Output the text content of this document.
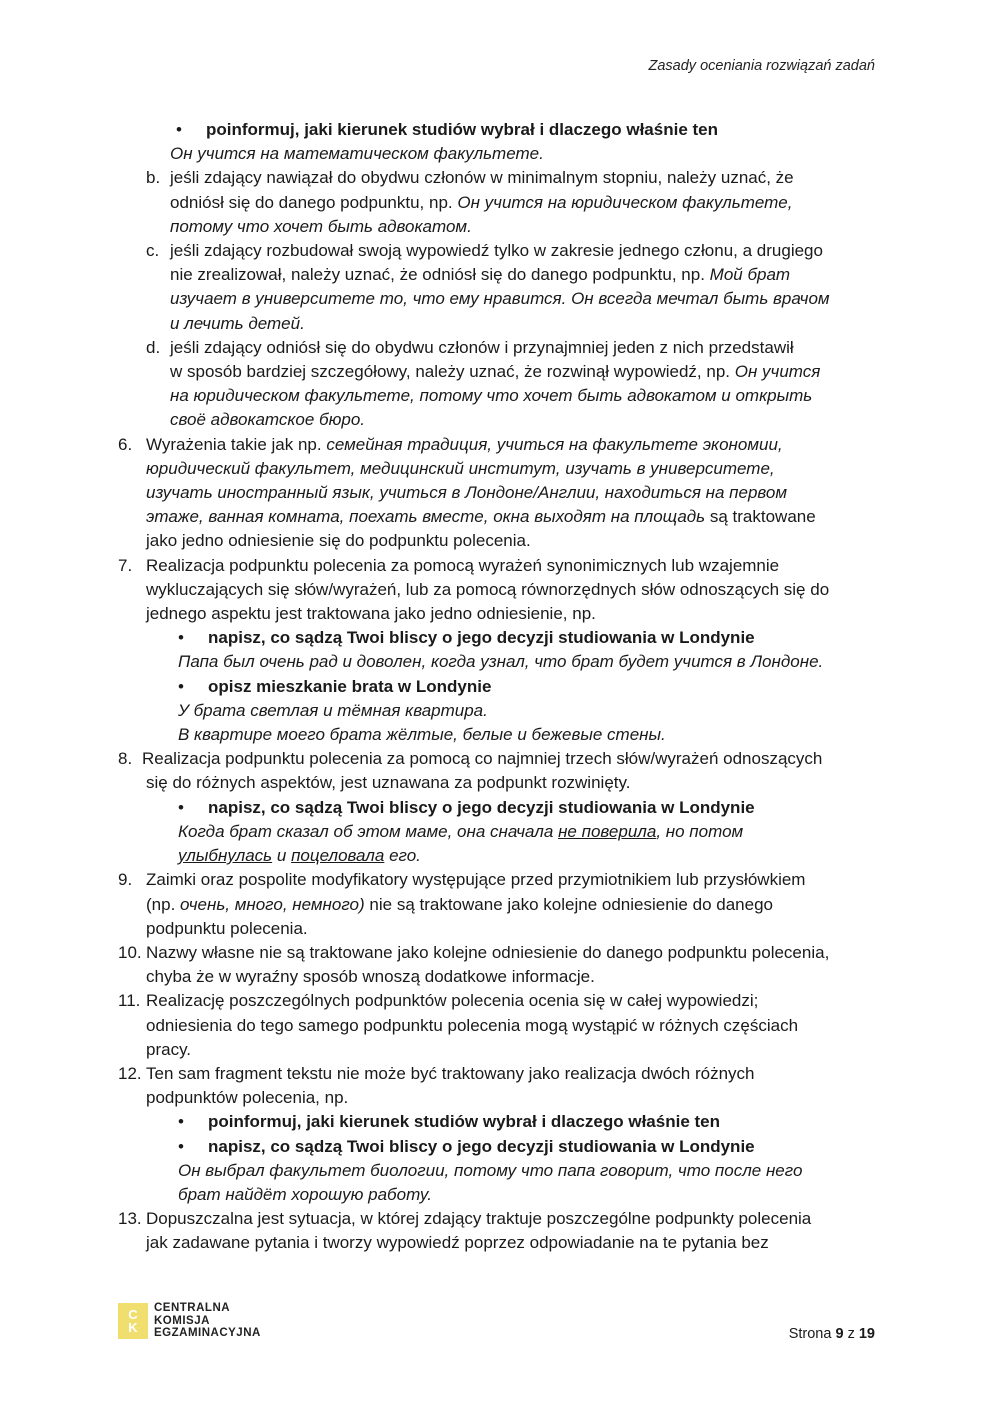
Zasady oceniania rozwiązań zadań
• poinformuj, jaki kierunek studiów wybrał i dlaczego właśnie ten
Он учится на математическом факультете.
b. jeśli zdający nawiązał do obydwu członów w minimalnym stopniu, należy uznać, że
odniósł się do danego podpunktu, np. Он учится на юридическом факультете,
потому что хочет быть адвокатом.
c. jeśli zdający rozbudował swoją wypowiedź tylko w zakresie jednego członu, a drugiego
nie zrealizował, należy uznać, że odniósł się do danego podpunktu, np. Мой брат
изучает в университете то, что ему нравится. Он всегда мечтал быть врачом
и лечить детей.
d. jeśli zdający odniósł się do obydwu członów i przynajmniej jeden z nich przedstawił
w sposób bardziej szczegółowy, należy uznać, że rozwinął wypowiedź, np. Он учится
на юридическом факультете, потому что хочет быть адвокатом и открыть
своё адвокатское бюро.
6. Wyrażenia takie jak np. семейная традиция, учиться на факультете экономии,
юридический факультет, медицинский институт, изучать в университете,
изучать иностранный язык, учиться в Лондоне/Англии, находиться на первом
этаже, ванная комната, поехать вместе, окна выходят на площадь są traktowane
jako jedno odniesienie się do podpunktu polecenia.
7. Realizacja podpunktu polecenia za pomocą wyrażeń synonimicznych lub wzajemnie
wykluczających się słów/wyrażeń, lub za pomocą równorzędnych słów odnoszących się do
jednego aspektu jest traktowana jako jedno odniesienie, np.
• napisz, co sądzą Twoi bliscy o jego decyzji studiowania w Londynie
Папа был очень рад и доволен, когда узнал, что брат будет учится в Лондоне.
• opisz mieszkanie brata w Londynie
У брата светлая и тёмная квартира.
В квартире моего брата жёлтые, белые и бежевые стены.
8. Realizacja podpunktu polecenia za pomocą co najmniej trzech słów/wyrażeń odnoszących
się do różnych aspektów, jest uznawana za podpunkt rozwinięty.
• napisz, co sądzą Twoi bliscy o jego decyzji studiowania w Londynie
Когда брат сказал об этом маме, она сначала не поверила, но потом
улыбнулась и поцеловала его.
9. Zaimki oraz pospolite modyfikatory występujące przed przymiotnikiem lub przysłówkiem
(np. очень, много, немного) nie są traktowane jako kolejne odniesienie do danego
podpunktu polecenia.
10. Nazwy własne nie są traktowane jako kolejne odniesienie do danego podpunktu polecenia,
chyba że w wyraźny sposób wnoszą dodatkowe informacje.
11. Realizację poszczególnych podpunktów polecenia ocenia się w całej wypowiedzi;
odniesienia do tego samego podpunktu polecenia mogą wystąpić w różnych częściach
pracy.
12. Ten sam fragment tekstu nie może być traktowany jako realizacja dwóch różnych
podpunktów polecenia, np.
• poinformuj, jaki kierunek studiów wybrał i dlaczego właśnie ten
• napisz, co sądzą Twoi bliscy o jego decyzji studiowania w Londynie
Он выбрал факультет биологии, потому что папа говорит, что после него
брат найдёт хорошую работу.
13. Dopuszczalna jest sytuacja, w której zdający traktuje poszczególne podpunkty polecenia
jak zadawane pytania i tworzy wypowiedź poprzez odpowiadanie na te pytania bez
C
K
CENTRALNA
KOMISJA
EGZAMINACYJNA	Strona 9 z 19
